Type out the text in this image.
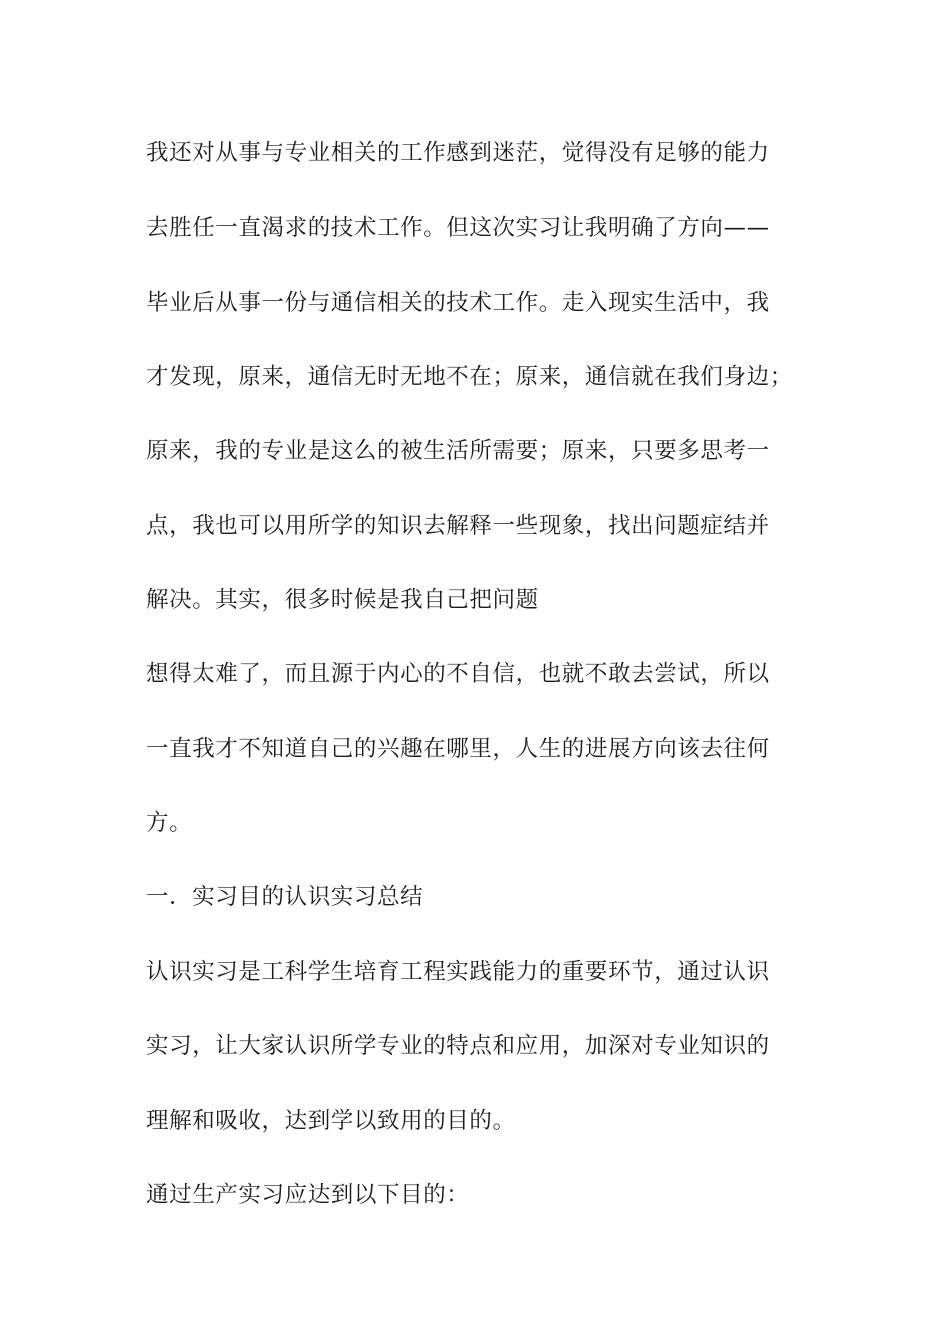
我还对从事与专业相关的工作感到迷茫，觉得没有足够的能力
去胜任一直渴求的技术工作。但这次实习让我明确了方向——
毕业后从事一份与通信相关的技术工作。走入现实生活中，我
才发现，原来，通信无时无地不在；原来，通信就在我们身边；
原来，我的专业是这么的被生活所需要；原来，只要多思考一
点，我也可以用所学的知识去解释一些现象，找出问题症结并
解决。其实，很多时候是我自己把问题
想得太难了，而且源于内心的不自信，也就不敢去尝试，所以
一直我才不知道自己的兴趣在哪里，人生的进展方向该去往何
方。
一．实习目的认识实习总结
认识实习是工科学生培育工程实践能力的重要环节，通过认识
实习，让大家认识所学专业的特点和应用，加深对专业知识的
理解和吸收，达到学以致用的目的。
通过生产实习应达到以下目的：
